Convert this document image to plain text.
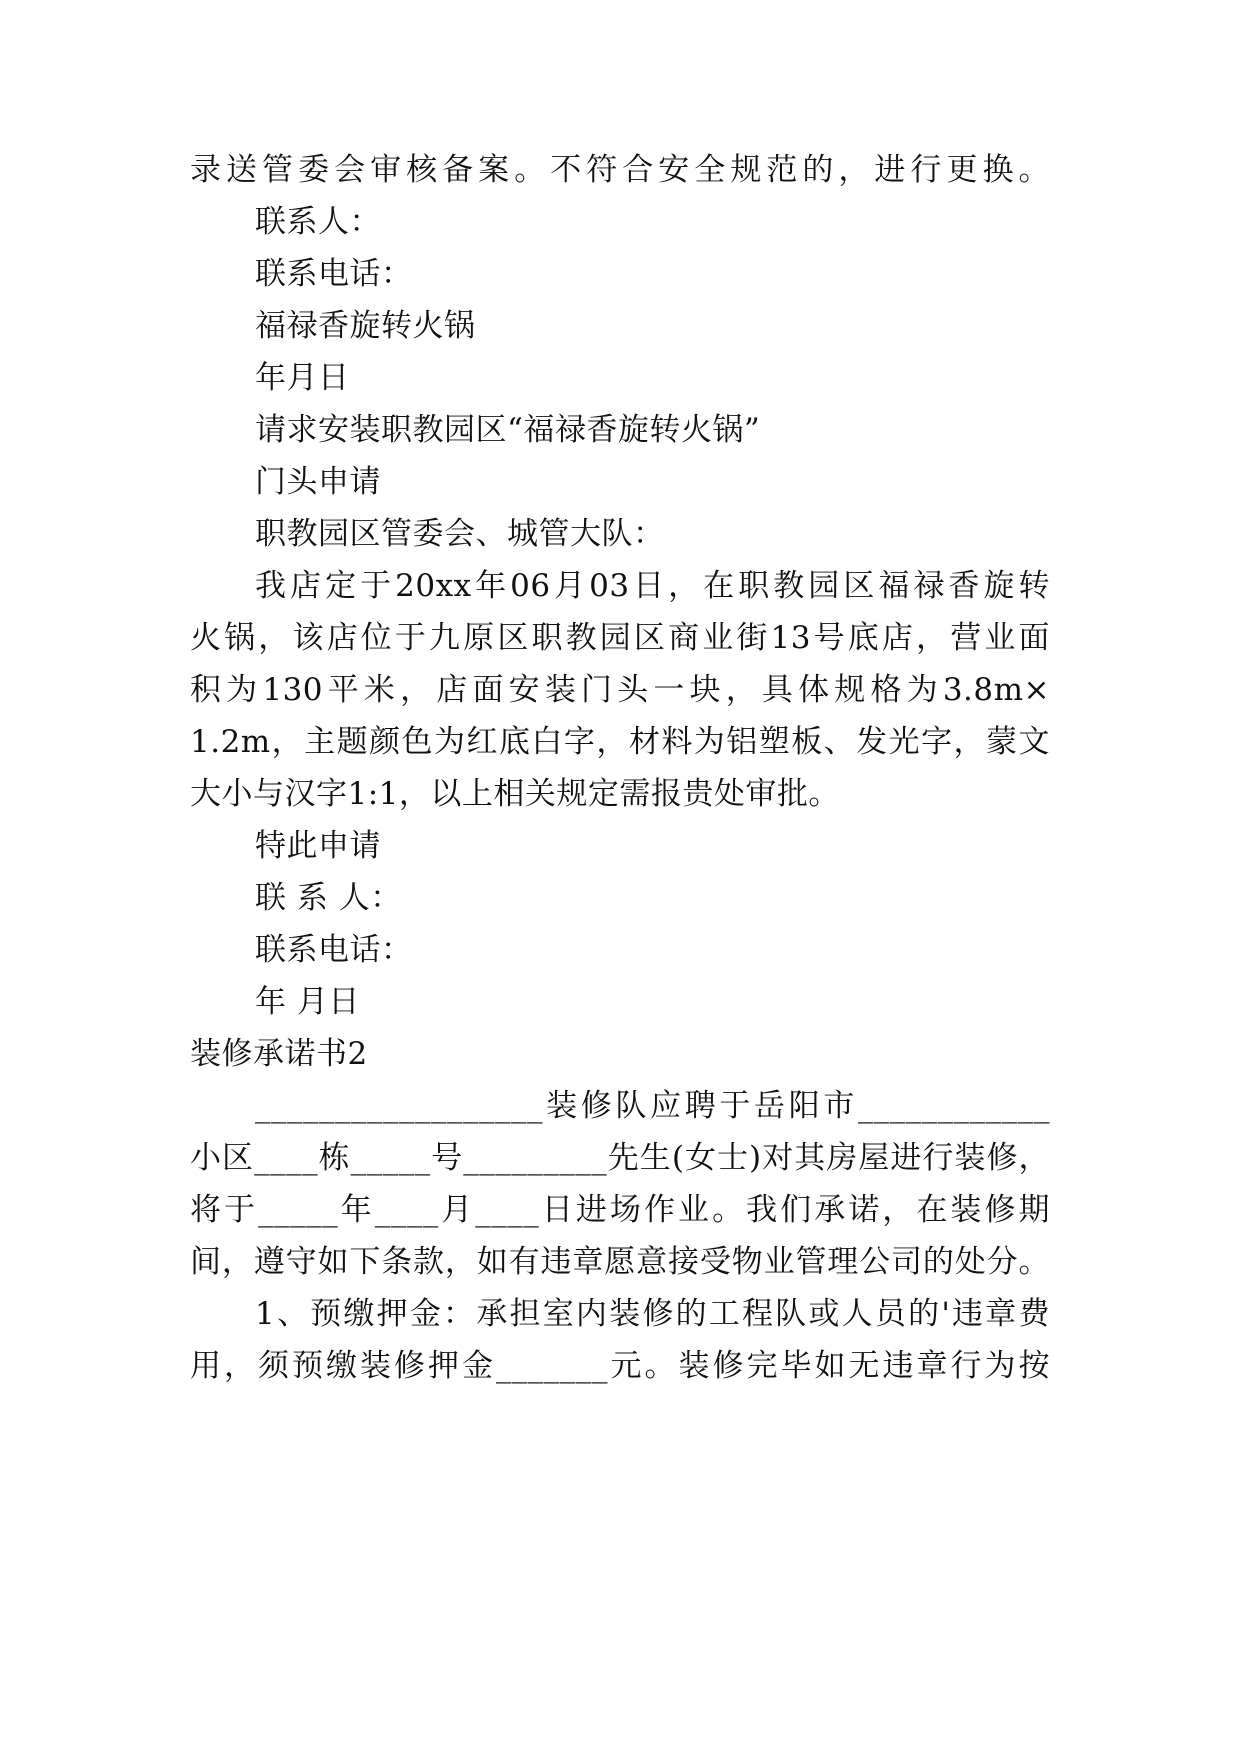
录送管委会审核备案。不符合安全规范的，进行更换。
联系人：
联系电话：
福禄香旋转火锅
年月日
请求安装职教园区“福禄香旋转火锅”
门头申请
职教园区管委会、城管大队：
我店定于20xx年06月03日，在职教园区福禄香旋转
火锅，该店位于九原区职教园区商业街13号底店，营业面
积为130平米，店面安装门头一块，具体规格为3.8m×
1.2m，主题颜色为红底白字，材料为铝塑板、发光字，蒙文
大小与汉字1:1，以上相关规定需报贵处审批。
特此申请
联 系 人：
联系电话：
年 月日
装修承诺书2
__________________装修队应聘于岳阳市____________
小区____栋_____号_________先生(女士)对其房屋进行装修，
将于_____年____月____日进场作业。我们承诺，在装修期
间，遵守如下条款，如有违章愿意接受物业管理公司的处分。
1、预缴押金：承担室内装修的工程队或人员的'违章费
用，须预缴装修押金_______元。装修完毕如无违章行为按
